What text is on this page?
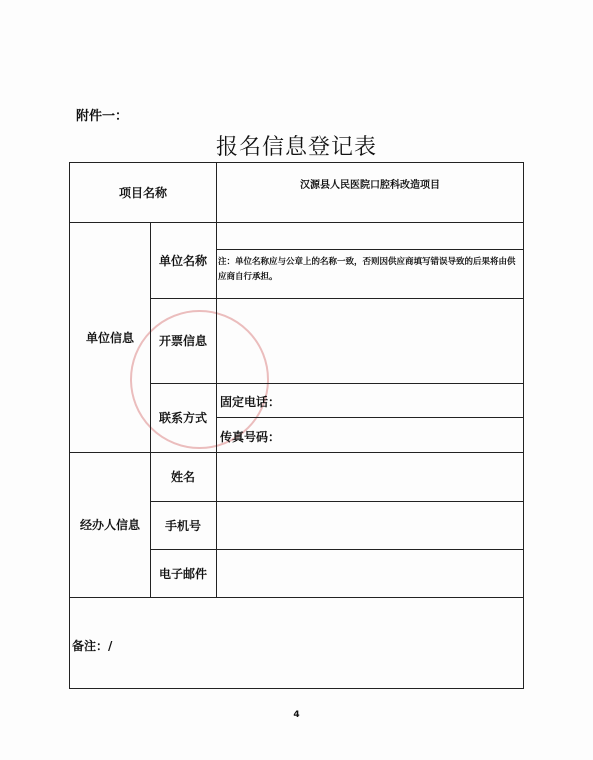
附件一：
报名信息登记表
项目名称
汉源县人民医院口腔科改造项目
单位信息
单位名称	注：单位名称应与公章上的名称一致，否则因供应商填写错误导致的后果将由供应商自行承担。
开票信息
联系方式
固定电话：
传真号码：
经办人信息
姓名
手机号
电子邮件
备注：/
4
